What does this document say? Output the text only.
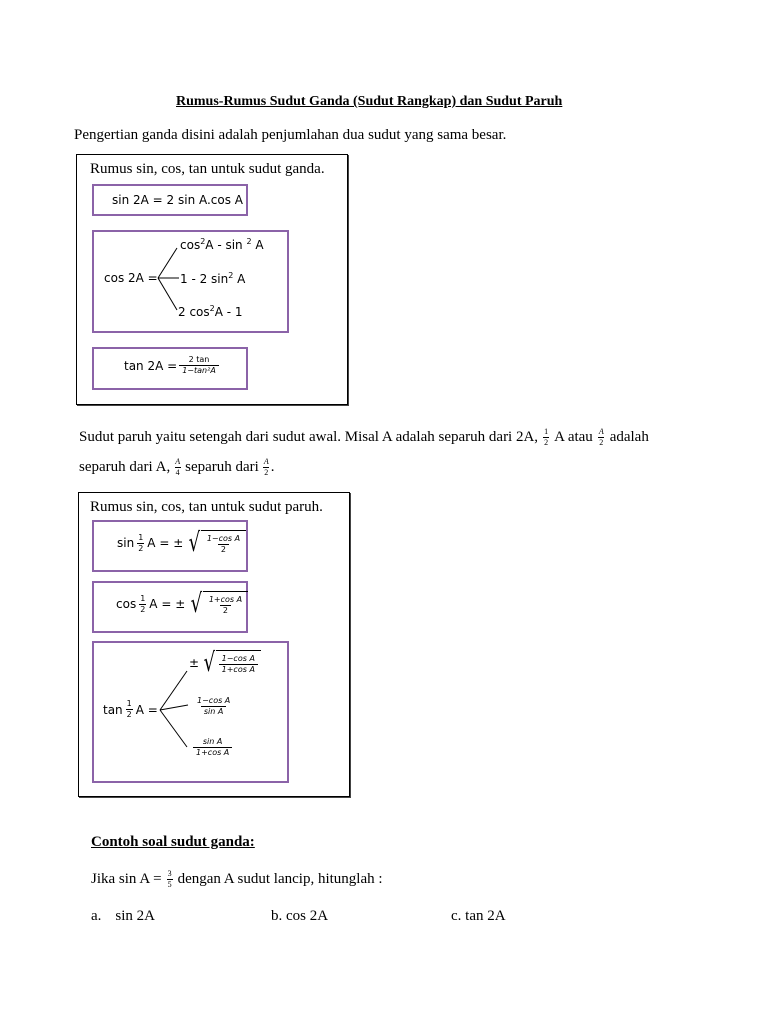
Rumus-Rumus Sudut Ganda (Sudut Rangkap) dan Sudut Paruh
Pengertian ganda disini adalah penjumlahan dua sudut yang sama besar.
Rumus sin, cos, tan untuk sudut ganda.
sin 2A = 2 sin A.cos A
cos 2A =
$\cos^2A$ - sin $^2$ A
1 - 2 $\sin^2 A$
2 $\cos^2A - 1$
$\tan 2A = \frac{2 \tan}{\text{1−tan²A}}$
Sudut paruh yaitu setengah dari sudut awal. Misal A adalah separuh dari 2A, $\frac{1}{2}$ A atau $\frac{A}{2}$ adalah
separuh dari A, $\frac{A}{4}$ separuh dari $\frac{A}{2}$ .
Rumus sin, cos, tan untuk sudut paruh.
$\sin \frac{1}{2}$ A = ± √ $\frac{\text{1−cos A}}{2}$
$\cos \frac{1}{2}$ A = ± √ $\frac{\text{1+cos A}}{2}$
$\tan \frac{1}{2}$ A =
± √ $\frac{\text{1−cos A}}{\text{1+cos A}}$
$\frac{\text{1−cos A}}{\text{sin A}}$
$\frac{\text{sin A}}{\text{1+cos A}}$
Contoh soal sudut ganda:
Jika $\sin A = \frac{3}{5}$ dengan A sudut lancip, hitunglah :
a. sin 2A	b. cos 2A	c. tan 2A
